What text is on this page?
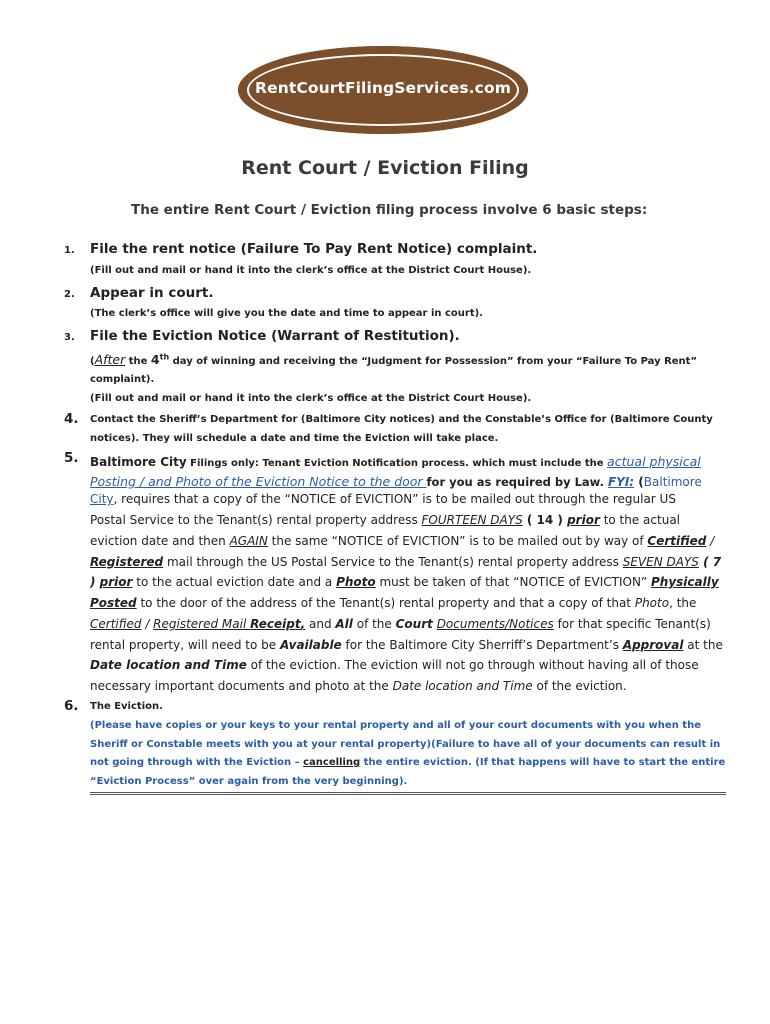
RentCourtFilingServices.com
Rent Court / Eviction Filing
The entire Rent Court / Eviction filing process involve 6 basic steps:
1. File the rent notice (Failure To Pay Rent Notice) complaint.
(Fill out and mail or hand it into the clerk’s office at the District Court House).
2. Appear in court.
(The clerk’s office will give you the date and time to appear in court).
3. File the Eviction Notice (Warrant of Restitution).
(After the 4th day of winning and receiving the “Judgment for Possession” from your “Failure To Pay Rent”
complaint).
(Fill out and mail or hand it into the clerk’s office at the District Court House).
4. Contact the Sheriff’s Department for (Baltimore City notices) and the Constable’s Office for (Baltimore County
notices). They will schedule a date and time the Eviction will take place.
5. Baltimore City Filings only: Tenant Eviction Notification process. which must include the actual physical
Posting / and Photo of the Eviction Notice to the door for you as required by Law. FYI: (Baltimore
City, requires that a copy of the “NOTICE of EVICTION” is to be mailed out through the regular US
Postal Service to the Tenant(s) rental property address FOURTEEN DAYS ( 14 ) prior to the actual
eviction date and then AGAIN the same “NOTICE of EVICTION” is to be mailed out by way of Certified /
Registered mail through the US Postal Service to the Tenant(s) rental property address SEVEN DAYS ( 7
) prior to the actual eviction date and a Photo must be taken of that “NOTICE of EVICTION” Physically
Posted to the door of the address of the Tenant(s) rental property and that a copy of that Photo, the
Certified / Registered Mail Receipt, and All of the Court Documents/Notices for that specific Tenant(s)
rental property, will need to be Available for the Baltimore City Sherriff’s Department’s Approval at the
Date location and Time of the eviction. The eviction will not go through without having all of those
necessary important documents and photo at the Date location and Time of the eviction.
6. The Eviction.
(Please have copies or your keys to your rental property and all of your court documents with you when the
Sheriff or Constable meets with you at your rental property)(Failure to have all of your documents can result in
not going through with the Eviction – cancelling the entire eviction. (If that happens will have to start the entire
“Eviction Process” over again from the very beginning).
